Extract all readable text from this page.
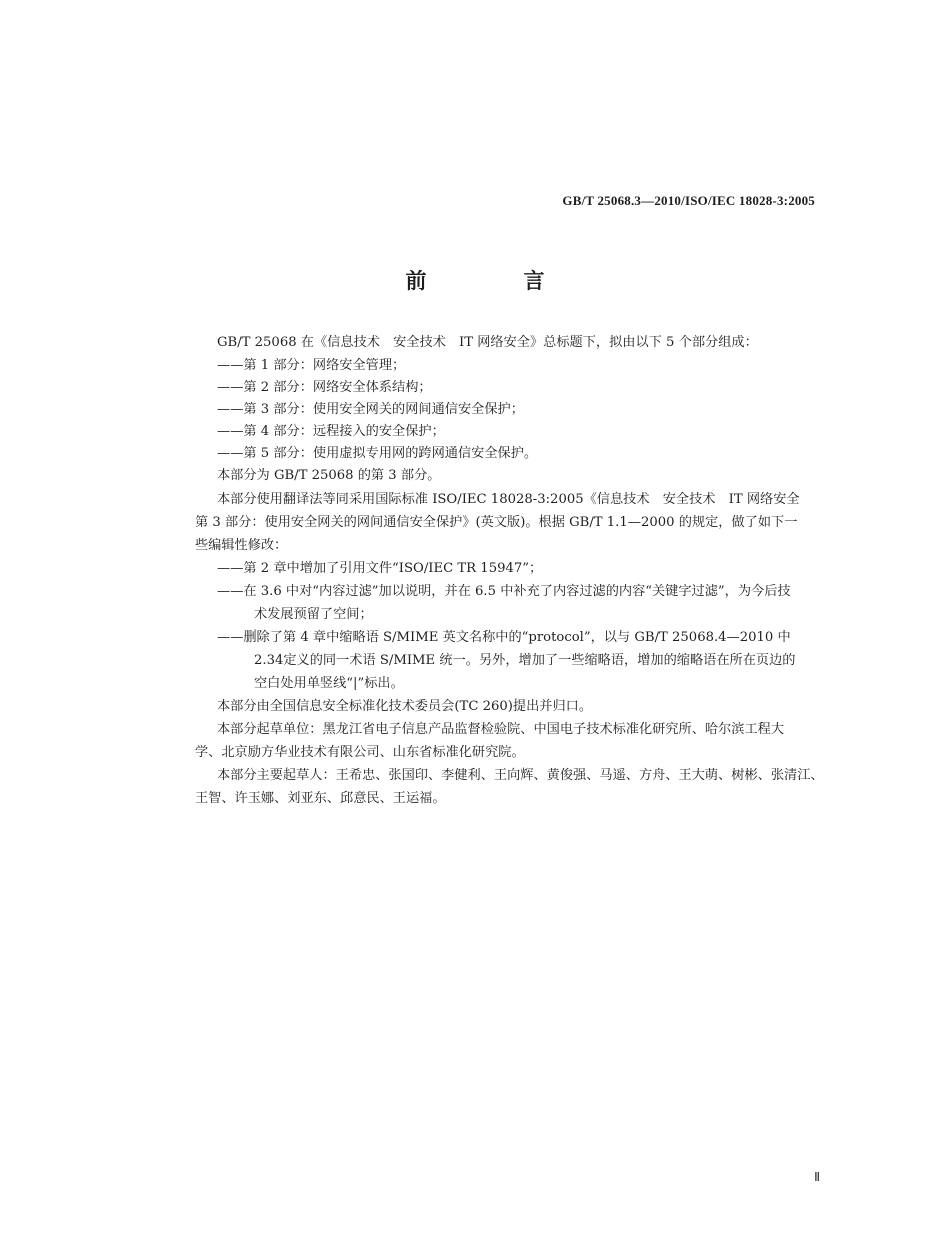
GB/T 25068.3—2010/ISO/IEC 18028-3:2005
前　言
GB/T 25068 在《信息技术　安全技术　IT 网络安全》总标题下，拟由以下 5 个部分组成：
——第 1 部分：网络安全管理；
——第 2 部分：网络安全体系结构；
——第 3 部分：使用安全网关的网间通信安全保护；
——第 4 部分：远程接入的安全保护；
——第 5 部分：使用虚拟专用网的跨网通信安全保护。
本部分为 GB/T 25068 的第 3 部分。
本部分使用翻译法等同采用国际标准 ISO/IEC 18028-3:2005《信息技术　安全技术　IT 网络安全
第 3 部分：使用安全网关的网间通信安全保护》(英文版)。根据 GB/T 1.1—2000 的规定，做了如下一
些编辑性修改：
——第 2 章中增加了引用文件“ISO/IEC TR 15947”；
——在 3.6 中对“内容过滤”加以说明，并在 6.5 中补充了内容过滤的内容“关键字过滤”，为今后技
术发展预留了空间；
——删除了第 4 章中缩略语 S/MIME 英文名称中的“protocol”，以与 GB/T 25068.4—2010 中
2.34定义的同一术语 S/MIME 统一。另外，增加了一些缩略语，增加的缩略语在所在页边的
空白处用单竖线“|”标出。
本部分由全国信息安全标准化技术委员会(TC 260)提出并归口。
本部分起草单位：黑龙江省电子信息产品监督检验院、中国电子技术标准化研究所、哈尔滨工程大
学、北京励方华业技术有限公司、山东省标准化研究院。
本部分主要起草人：王希忠、张国印、李健利、王向辉、黄俊强、马遥、方舟、王大萌、树彬、张清江、
王智、许玉娜、刘亚东、邱意民、王运福。
Ⅱ
